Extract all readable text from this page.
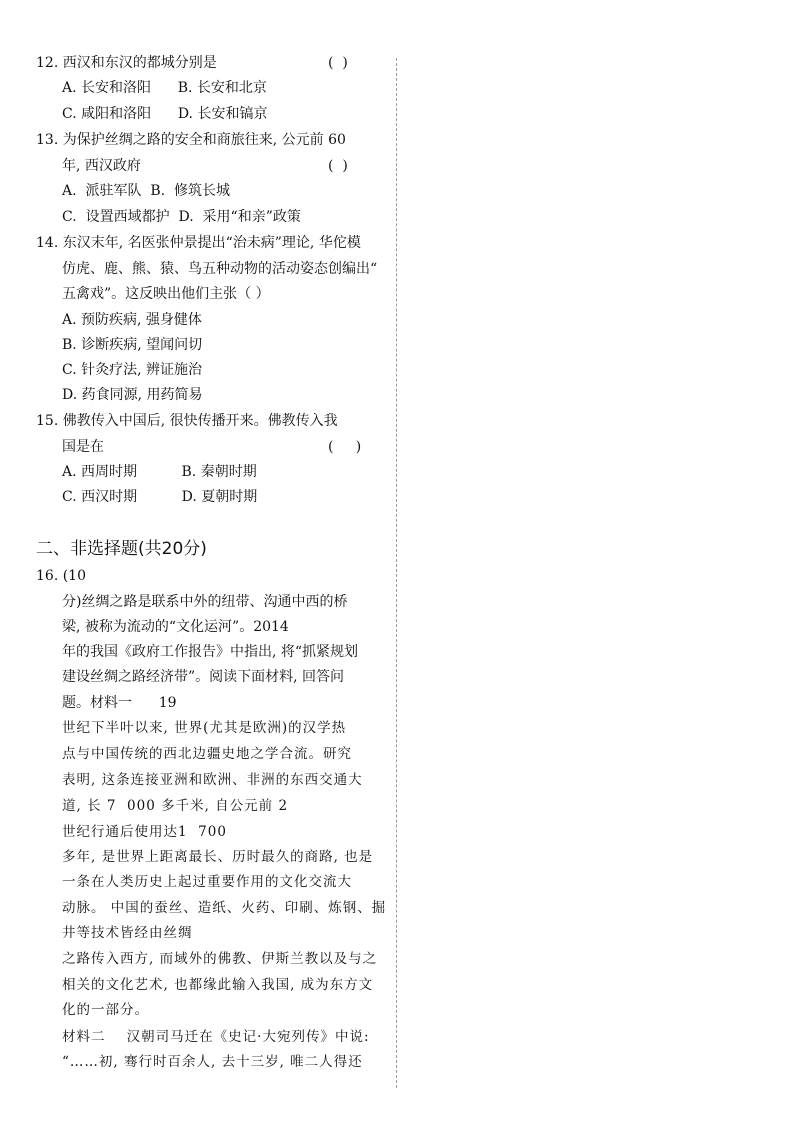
12. 西汉和东汉的都城分别是	(  )
A. 长安和洛阳      B. 长安和北京
C. 咸阳和洛阳      D. 长安和镐京
13. 为保护丝绸之路的安全和商旅往来, 公元前 60
年, 西汉政府	(  )
A.  派驻军队  B.  修筑长城
C.  设置西域都护  D.  采用“和亲”政策
14. 东汉末年, 名医张仲景提出“治未病”理论, 华佗模
仿虎、鹿、熊、猿、鸟五种动物的活动姿态创编出“
五禽戏”。这反映出他们主张（ ）
A. 预防疾病, 强身健体
B. 诊断疾病, 望闻问切
C. 针灸疗法, 辨证施治
D. 药食同源, 用药简易
15. 佛教传入中国后, 很快传播开来。佛教传入我
国是在	(     )
A. 西周时期          B. 秦朝时期
C. 西汉时期          D. 夏朝时期
二、非选择题(共20分)
16. (10
分)丝绸之路是联系中外的纽带、沟通中西的桥
梁, 被称为流动的“文化运河”。2014
年的我国《政府工作报告》中指出, 将“抓紧规划
建设丝绸之路经济带”。阅读下面材料, 回答问
题。材料一      19
世纪下半叶以来, 世界(尤其是欧洲)的汉学热
点与中国传统的西北边疆史地之学合流。研究
表明, 这条连接亚洲和欧洲、非洲的东西交通大
道, 长 7  000 多千米, 自公元前 2
世纪行通后使用达1  700
多年, 是世界上距离最长、历时最久的商路, 也是
一条在人类历史上起过重要作用的文化交流大
动脉。 中国的蚕丝、造纸、火药、印刷、炼钢、掘
井等技术皆经由丝绸
之路传入西方, 而域外的佛教、伊斯兰教以及与之
相关的文化艺术, 也都缘此输入我国, 成为东方文
化的一部分。
材料二    汉朝司马迁在《史记·大宛列传》中说:
“……初, 骞行时百余人, 去十三岁, 唯二人得还
